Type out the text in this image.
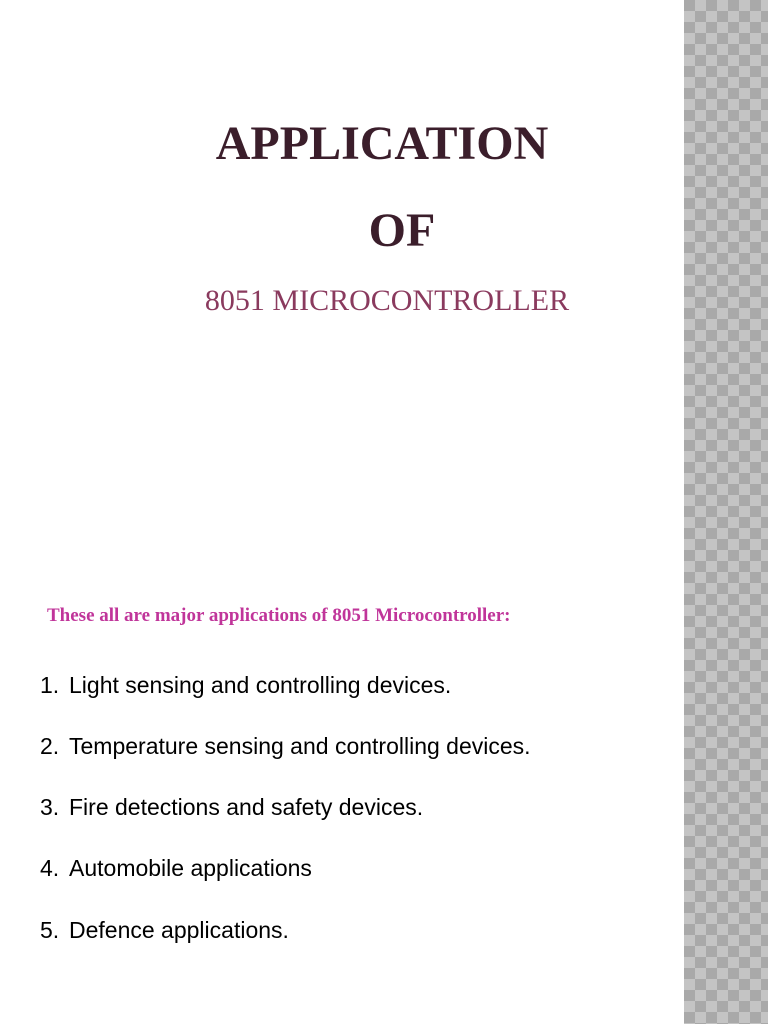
APPLICATION
OF

8051 MICROCONTROLLER

These all are major applications of 8051 Microcontroller:

1. Light sensing and controlling devices.
2. Temperature sensing and controlling devices.
3. Fire detections and safety devices.
4. Automobile applications
5. Defence applications.
